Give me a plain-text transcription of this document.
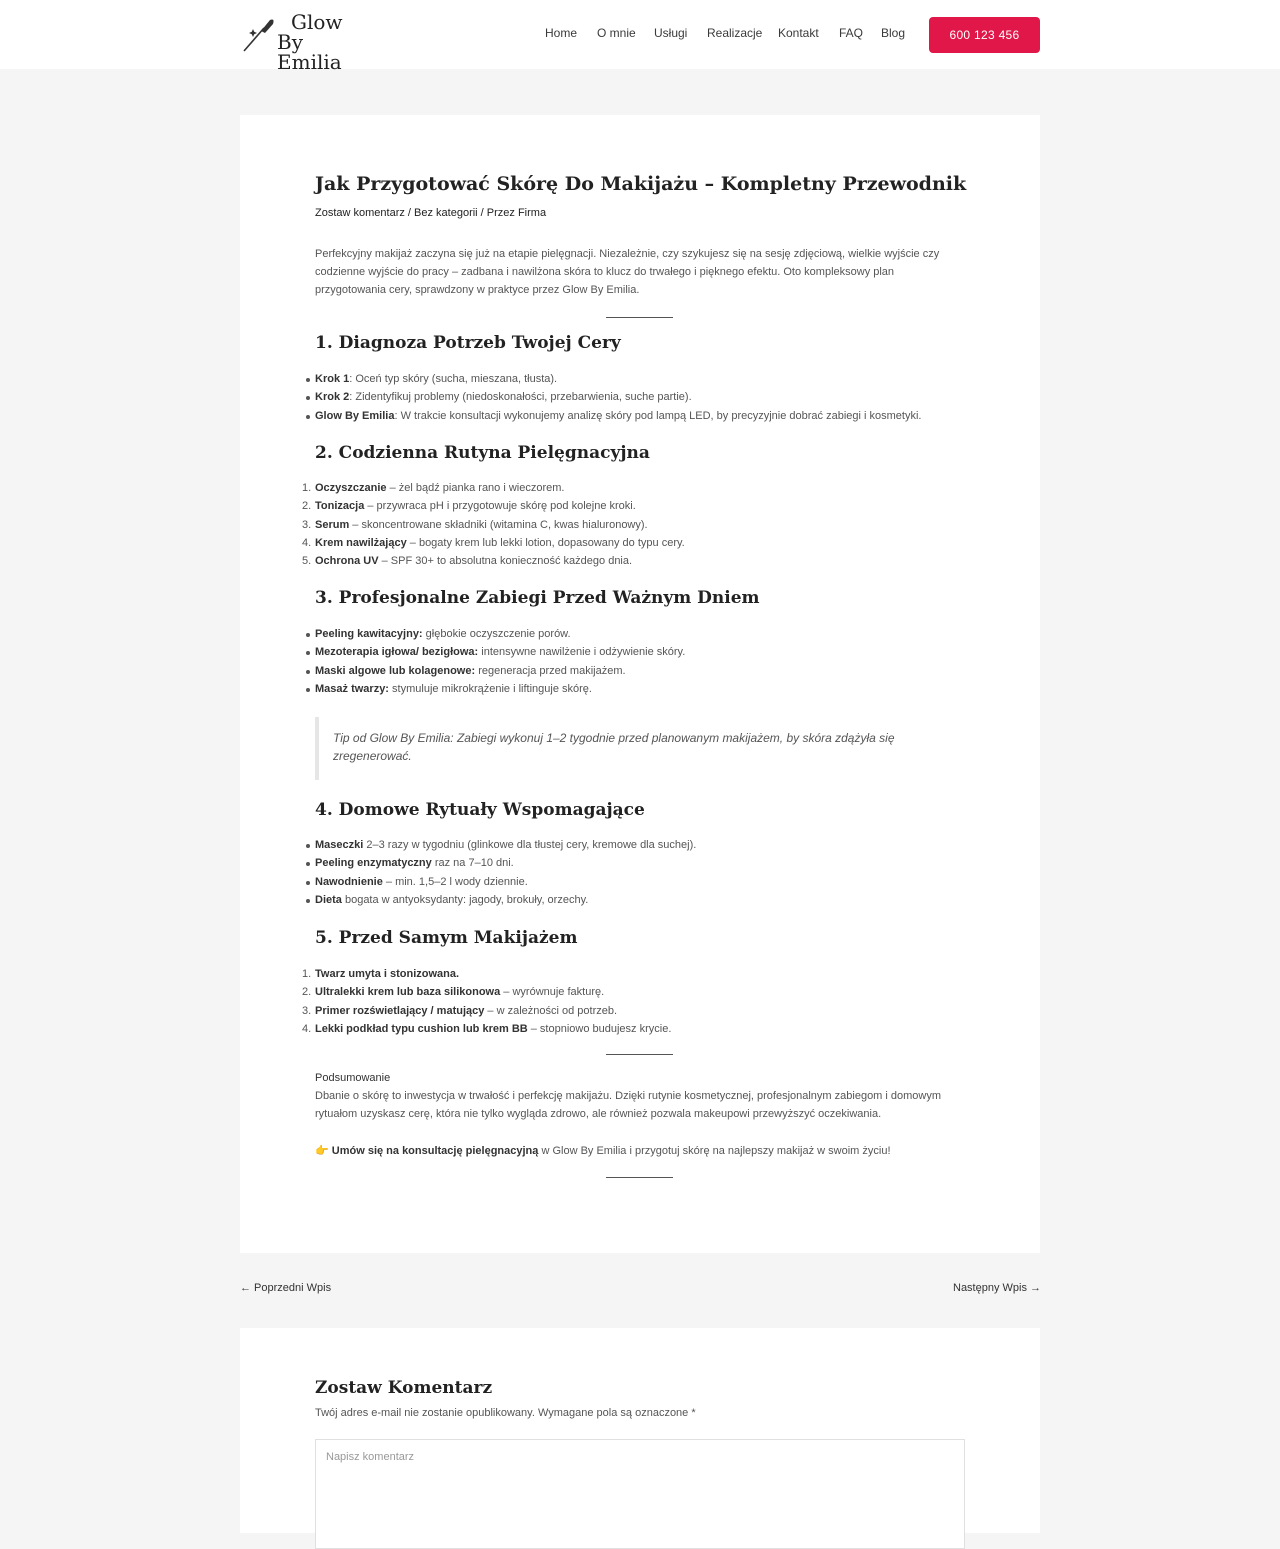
Glow
By Emilia
Home O mnie Usługi Realizacje Kontakt FAQ Blog	600 123 456
Jak Przygotować Skórę Do Makijażu – Kompletny Przewodnik
Zostaw komentarz / Bez kategorii / Przez Firma

Perfekcyjny makijaż zaczyna się już na etapie pielęgnacji. Niezależnie, czy szykujesz się na sesję zdjęciową, wielkie wyjście czy codzienne wyjście do pracy – zadbana i nawilżona skóra to klucz do trwałego i pięknego efektu. Oto kompleksowy plan przygotowania cery, sprawdzony w praktyce przez Glow By Emilia.

1. Diagnoza Potrzeb Twojej Cery
Krok 1: Oceń typ skóry (sucha, mieszana, tłusta).
Krok 2: Zidentyfikuj problemy (niedoskonałości, przebarwienia, suche partie).
Glow By Emilia: W trakcie konsultacji wykonujemy analizę skóry pod lampą LED, by precyzyjnie dobrać zabiegi i kosmetyki.
2. Codzienna Rutyna Pielęgnacyjna
1. Oczyszczanie – żel bądź pianka rano i wieczorem.
2. Tonizacja – przywraca pH i przygotowuje skórę pod kolejne kroki.
3. Serum – skoncentrowane składniki (witamina C, kwas hialuronowy).
4. Krem nawilżający – bogaty krem lub lekki lotion, dopasowany do typu cery.
5. Ochrona UV – SPF 30+ to absolutna konieczność każdego dnia.
3. Profesjonalne Zabiegi Przed Ważnym Dniem
Peeling kawitacyjny: głębokie oczyszczenie porów.
Mezoterapia igłowa/ bezigłowa: intensywne nawilżenie i odżywienie skóry.
Maski algowe lub kolagenowe: regeneracja przed makijażem.
Masaż twarzy: stymuluje mikrokrążenie i liftinguje skórę.
Tip od Glow By Emilia: Zabiegi wykonuj 1–2 tygodnie przed planowanym makijażem, by skóra zdążyła się zregenerować.
4. Domowe Rytuały Wspomagające
Maseczki 2–3 razy w tygodniu (glinkowe dla tłustej cery, kremowe dla suchej).
Peeling enzymatyczny raz na 7–10 dni.
Nawodnienie – min. 1,5–2 l wody dziennie.
Dieta bogata w antyoksydanty: jagody, brokuły, orzechy.
5. Przed Samym Makijażem
1. Twarz umyta i stonizowana.
2. Ultralekki krem lub baza silikonowa – wyrównuje fakturę.
3. Primer rozświetlający / matujący – w zależności od potrzeb.
4. Lekki podkład typu cushion lub krem BB – stopniowo budujesz krycie.
Podsumowanie

Dbanie o skórę to inwestycja w trwałość i perfekcję makijażu. Dzięki rutynie kosmetycznej, profesjonalnym zabiegom i domowym rytuałom uzyskasz cerę, która nie tylko wygląda zdrowo, ale również pozwala makeupowi przewyższyć oczekiwania.

👉 Umów się na konsultację pielęgnacyjną w Glow By Emilia i przygotuj skórę na najlepszy makijaż w swoim życiu!

← Poprzedni Wpis	Następny Wpis →
Zostaw Komentarz
Twój adres e-mail nie zostanie opublikowany. Wymagane pola są oznaczone *
Napisz komentarz
